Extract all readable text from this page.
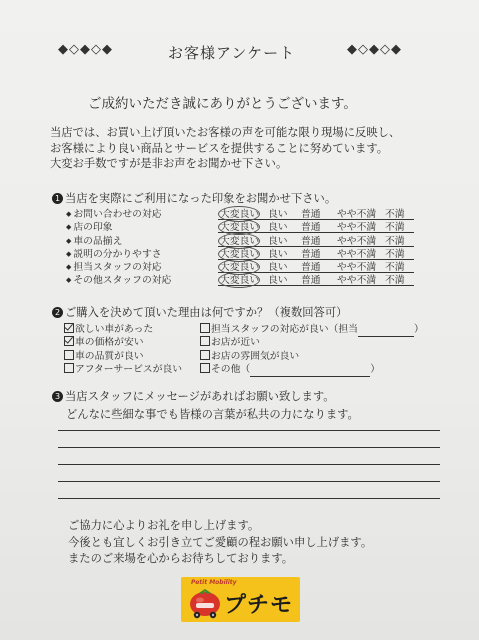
◆◇◆◇◆	お客様アンケート	◆◇◆◇◆
ご成約いただき誠にありがとうございます。
当店では、お買い上げ頂いたお客様の声を可能な限り現場に反映し、
お客様により良い商品とサービスを提供することに努めています。
大変お手数ですが是非お声をお聞かせ下さい。
1 当店を実際にご利用になった印象をお聞かせ下さい。
◆ お問い合わせの対応	大変良い 良い 普通 やや不満 不満
◆ 店の印象	大変良い 良い 普通 やや不満 不満
◆ 車の品揃え	大変良い 良い 普通 やや不満 不満
◆ 説明の分かりやすさ	大変良い 良い 普通 やや不満 不満
◆ 担当スタッフの対応	大変良い 良い 普通 やや不満 不満
◆ その他スタッフの対応	大変良い 良い 普通 やや不満 不満
2 ご購入を決めて頂いた理由は何ですか？（複数回答可）
欲しい車があった	担当スタッフの対応が良い（担当	）
車の価格が安い	お店が近い
車の品質が良い	お店の雰囲気が良い
アフターサービスが良い	その他（	）
3 当店スタッフにメッセージがあればお願い致します。
どんなに些細な事でも皆様の言葉が私共の力になります。
ご協力に心よりお礼を申し上げます。
今後とも宜しくお引き立てご愛顧の程お願い申し上げます。
またのご来場を心からお待ちしております。
Petit Mobility
プチモ
